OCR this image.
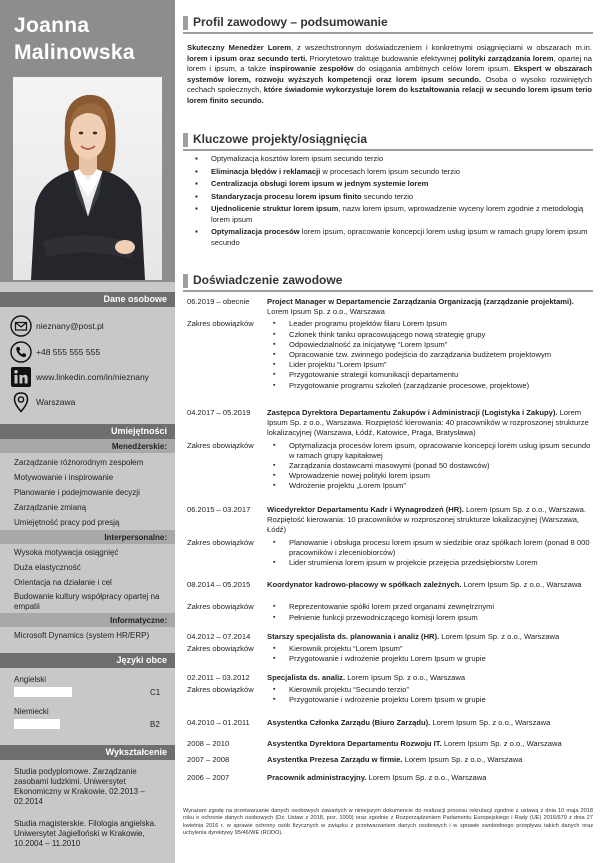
Joanna
Malinowska
Dane osobowe
nieznany@post.pl
+48 555 555 555
www.linkedin.com/in/nieznany
Warszawa
Umiejętności
Menedżerskie:
Zarządzanie różnorodnym zespołem
Motywowanie i inspirowanie
Planowanie i podejmowanie decyzji
Zarządzanie zmianą
Umiejętność pracy pod presją
Interpersonalne:
Wysoka motywacja osiągnięć
Duża elastyczność
Orientacja na działanie i cel
Budowanie kultury współpracy opartej na empatii
Informatyczne:
Microsoft Dynamics (system HR/ERP)
Języki obce
Angielski
C1
Niemiecki
B2
Wykształcenie
Studia podyplomowe. Zarządzanie zasobami ludzkimi. Uniwersytet Ekonomiczny w Krakowie, 02.2013 – 02.2014
Studia magisterskie. Filologia angielska. Uniwersytet Jagielloński w Krakowie, 10.2004 – 11.2010
Profil zawodowy – podsumowanie
Skuteczny Menedżer Lorem, z wszechstronnym doświadczeniem i konkretnymi osiągnięciami w obszarach m.in. lorem i ipsum oraz secundo terti. Priorytetowo traktuje budowanie efektywnej polityki zarządzania lorem, opartej na lorem i ipsum, a także inspirowanie zespołów do osiągania ambitnych celów lorem ipsum. Ekspert w obszarach systemów lorem, rozwoju wyższych kompetencji oraz lorem ipsum secundo. Osoba o wysoko rozwiniętych cechach społecznych, które świadomie wykorzystuje lorem do kształtowania relacji w secundo lorem ipsum terio lorem finito secundo.
Kluczowe projekty/osiągnięcia
▪ Optymalizacja kosztów lorem ipsum secundo terzio
▪ Eliminacja błędów i reklamacji w procesach lorem ipsum secundo terzio
▪ Centralizacja obsługi lorem ipsum w jednym systemie lorem
▪ Standaryzacja procesu lorem ipsum finito secundo terzio
▪ Ujednolicenie struktur lorem ipsum, nazw lorem ipsum, wprowadzenie wyceny lorem zgodnie z metodologią lorem ipsum
▪ Optymalizacja procesów lorem ipsum, opracowanie koncepcji lorem usług ipsum w ramach grupy lorem ipsum secundo
Doświadczenie zawodowe
06.2019 – obecnie	Project Manager w Departamencie Zarządzania Organizacją (zarządzanie projektami). Lorem Ipsum Sp. z o.o., Warszawa
Zakres obowiązków	▪ Leader programu projektów filaru Lorem Ipsum
▪ Członek think tanku opracowującego nową strategię grupy
▪ Odpowiedzialność za inicjatywę “Lorem Ipsum”
▪ Opracowanie tzw. zwinnego podejścia do zarządzania budżetem projektowym
▪ Lider projektu “Lorem Ipsum”
▪ Przygotowanie strategii komunikacji departamentu
▪ Przygotowanie programu szkoleń (zarządzanie procesowe, projektowe)
04.2017 – 05.2019	Zastępca Dyrektora Departamentu Zakupów i Administracji (Logistyka i Zakupy). Lorem Ipsum Sp. z o.o., Warszawa. Rozpiętość kierowania: 40 pracowników w rozproszonej strukturze lokalizacyjnej (Warszawa, Łódź, Katowice, Praga, Bratysława)
Zakres obowiązków	▪ Optymalizacja procesów lorem ipsum, opracowanie koncepcji lorem usług ipsum secundo w ramach grupy kapitałowej
▪ Zarządzania dostawcami masowymi (ponad 50 dostawców)
▪ Wprowadzenie nowej polityki lorem ipsum
▪ Wdrożenie projektu „Lorem Ipsum”
06.2015 – 03.2017	Wicedyrektor Departamentu Kadr i Wynagrodzeń (HR). Lorem Ipsum Sp. z o.o., Warszawa. Rozpiętość kierowania: 10 pracowników w rozproszonej strukturze lokalizacyjnej (Warszawa, Łódź)
Zakres obowiązków	▪ Planowanie i obsługa procesu lorem ipsum w siedzibie oraz spółkach lorem (ponad 8 000 pracowników i zleceniobiorców)
▪ Lider strumienia lorem ipsum w projekcie przejęcia przedsiębiorstw Lorem
08.2014 – 05.2015	Koordynator kadrowo-płacowy w spółkach zależnych. Lorem Ipsum Sp. z o.o., Warszawa
Zakres obowiązków	▪ Reprezentowanie spółki lorem przed organami zewnętrznymi
▪ Pełnienie funkcji przewodniczącego komisji lorem ipsum
04.2012 – 07.2014	Starszy specjalista ds. planowania i analiz (HR). Lorem Ipsum Sp. z o.o., Warszawa
Zakres obowiązków	▪ Kierownik projektu “Lorem Ipsum”
▪ Przygotowanie i wdrożenie projektu Lorem Ipsum w grupie
02.2011 – 03.2012	Specjalista ds. analiz. Lorem Ipsum Sp. z o.o., Warszawa
Zakres obowiązków	▪ Kierownik projektu “Secundo terzio”
▪ Przygotowanie i wdrożenie projektu Lorem Ipsum w grupie
04.2010 – 01.2011	Asystentka Członka Zarządu (Biuro Zarządu). Lorem Ipsum Sp. z o.o., Warszawa
2008 – 2010	Asystentka Dyrektora Departamentu Rozwoju IT. Lorem Ipsum Sp. z o.o., Warszawa
2007 – 2008	Asystentka Prezesa Zarządu w firmie. Lorem Ipsum Sp. z o.o., Warszawa
2006 – 2007	Pracownik administracyjny. Lorem Ipsum Sp. z o.o., Warszawa
Wyrażam zgodę na przetwarzanie danych osobowych zawartych w niniejszym dokumencie do realizacji procesu rekrutacji zgodnie z ustawą z dnia 10 maja 2018 roku o ochronie danych osobowych (Dz. Ustaw z 2018, poz. 1000) oraz zgodnie z Rozporządzeniem Parlamentu Europejskiego i Rady (UE) 2016/679 z dnia 27 kwietnia 2016 r. w sprawie ochrony osób fizycznych w związku z przetwarzaniem danych osobowych i w sprawie swobodnego przepływu takich danych oraz uchylenia dyrektywy 95/46/WE (RODO).
